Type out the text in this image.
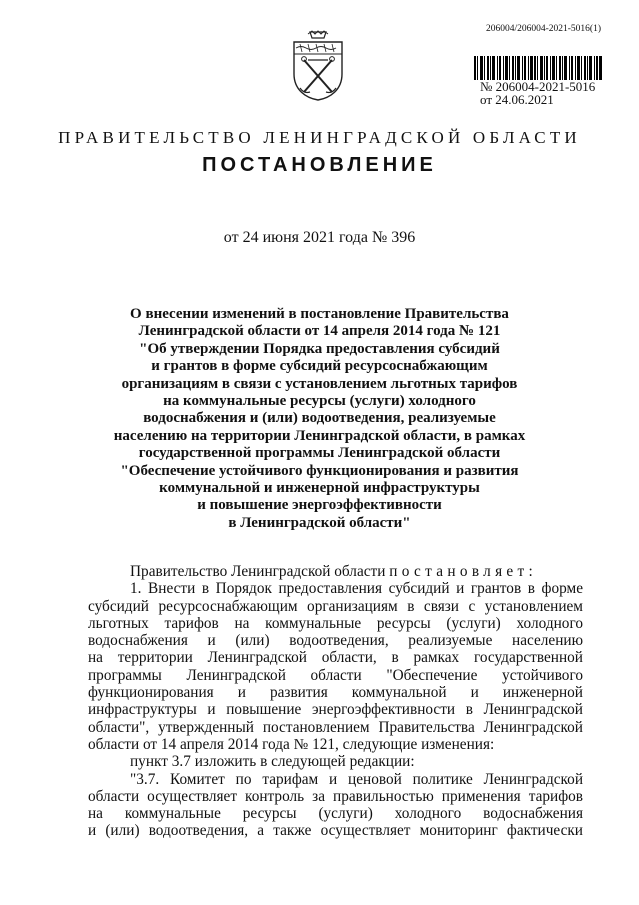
206004/206004-2021-5016(1)
№ 206004-2021-5016
от 24.06.2021
ПРАВИТЕЛЬСТВО ЛЕНИНГРАДСКОЙ ОБЛАСТИ
ПОСТАНОВЛЕНИЕ
от 24 июня 2021 года № 396
О внесении изменений в постановление Правительства
Ленинградской области от 14 апреля 2014 года № 121
"Об утверждении Порядка предоставления субсидий
и грантов в форме субсидий ресурсоснабжающим
организациям в связи с установлением льготных тарифов
на коммунальные ресурсы (услуги) холодного
водоснабжения и (или) водоотведения, реализуемые
населению на территории Ленинградской области, в рамках
государственной программы Ленинградской области
"Обеспечение устойчивого функционирования и развития
коммунальной и инженерной инфраструктуры
и повышение энергоэффективности
в Ленинградской области"
Правительство Ленинградской области постановляет:
1. Внести в Порядок предоставления субсидий и грантов в форме
субсидий ресурсоснабжающим организациям в связи с установлением
льготных тарифов на коммунальные ресурсы (услуги) холодного
водоснабжения и (или) водоотведения, реализуемые населению
на территории Ленинградской области, в рамках государственной
программы Ленинградской области "Обеспечение устойчивого
функционирования и развития коммунальной и инженерной
инфраструктуры и повышение энергоэффективности в Ленинградской
области", утвержденный постановлением Правительства Ленинградской
области от 14 апреля 2014 года № 121, следующие изменения:
пункт 3.7 изложить в следующей редакции:
"3.7. Комитет по тарифам и ценовой политике Ленинградской
области осуществляет контроль за правильностью применения тарифов
на коммунальные ресурсы (услуги) холодного водоснабжения
и (или) водоотведения, а также осуществляет мониторинг фактически
